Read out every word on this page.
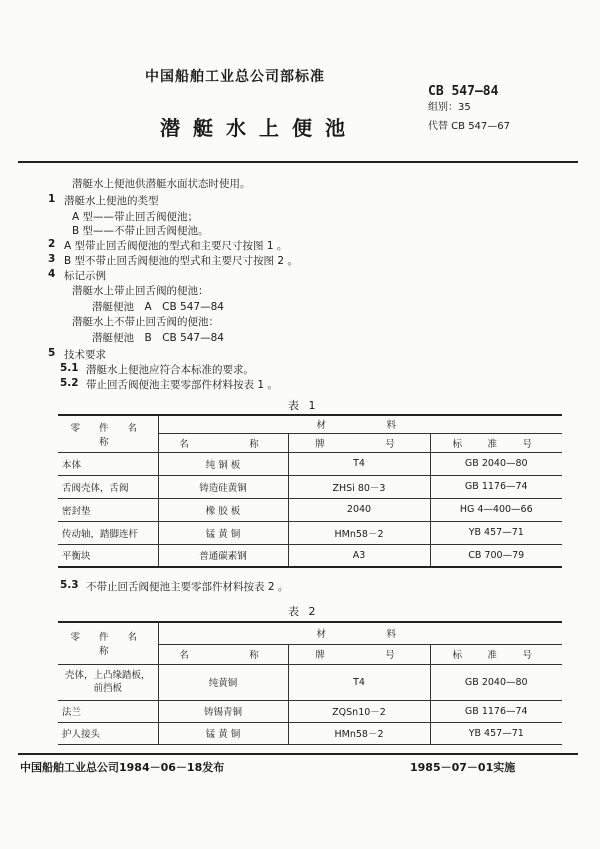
中国船舶工业总公司部标准
潜艇水上便池
CB 547—84
组别：35
代替 CB 547—67
潜艇水上便池供潜艇水面状态时使用。
1 潜艇水上便池的类型
A 型——带止回舌阀便池；
B 型——不带止回舌阀便池。
2 A 型带止回舌阀便池的型式和主要尺寸按图 1 。
3 B 型不带止回舌阀便池的型式和主要尺寸按图 2 。
4 标记示例
潜艇水上带止回舌阀的便池：
潜艇便池　A　CB 547—84
潜艇水上不带止回舌阀的便池：
潜艇便池　B　CB 547—84
5 技术要求
5.1 潜艇水上便池应符合本标准的要求。
5.2 带止回舌阀便池主要零部件材料按表 1 。
表 1
零 件 名 称	材　　　料		
	名　　　称	牌　　　号	标　准　号
本体	纯 铜 板	T4	GB 2040—80
舌阀壳体，舌阀	铸造硅黄铜	ZHSi 80－3	GB 1176—74
密封垫	橡 胶 板	2040	HG 4—400—66
传动轴，踏脚连杆	锰 黄 铜	HMn58－2	YB 457—71
平衡块	普通碳素钢	A3	CB 700—79
5.3 不带止回舌阀便池主要零部件材料按表 2 。
表 2
零 件 名 称	材　　　料		
	名　　　称	牌　　　号	标　准　号
壳体，上凸缘踏板，前挡板	纯黄铜	T4	GB 2040—80
法兰	铸锡青铜	ZQSn10－2	GB 1176—74
护人接头	锰 黄 铜	HMn58－2	YB 457—71
中国船舶工业总公司1984－06－18发布	1985－07－01实施
